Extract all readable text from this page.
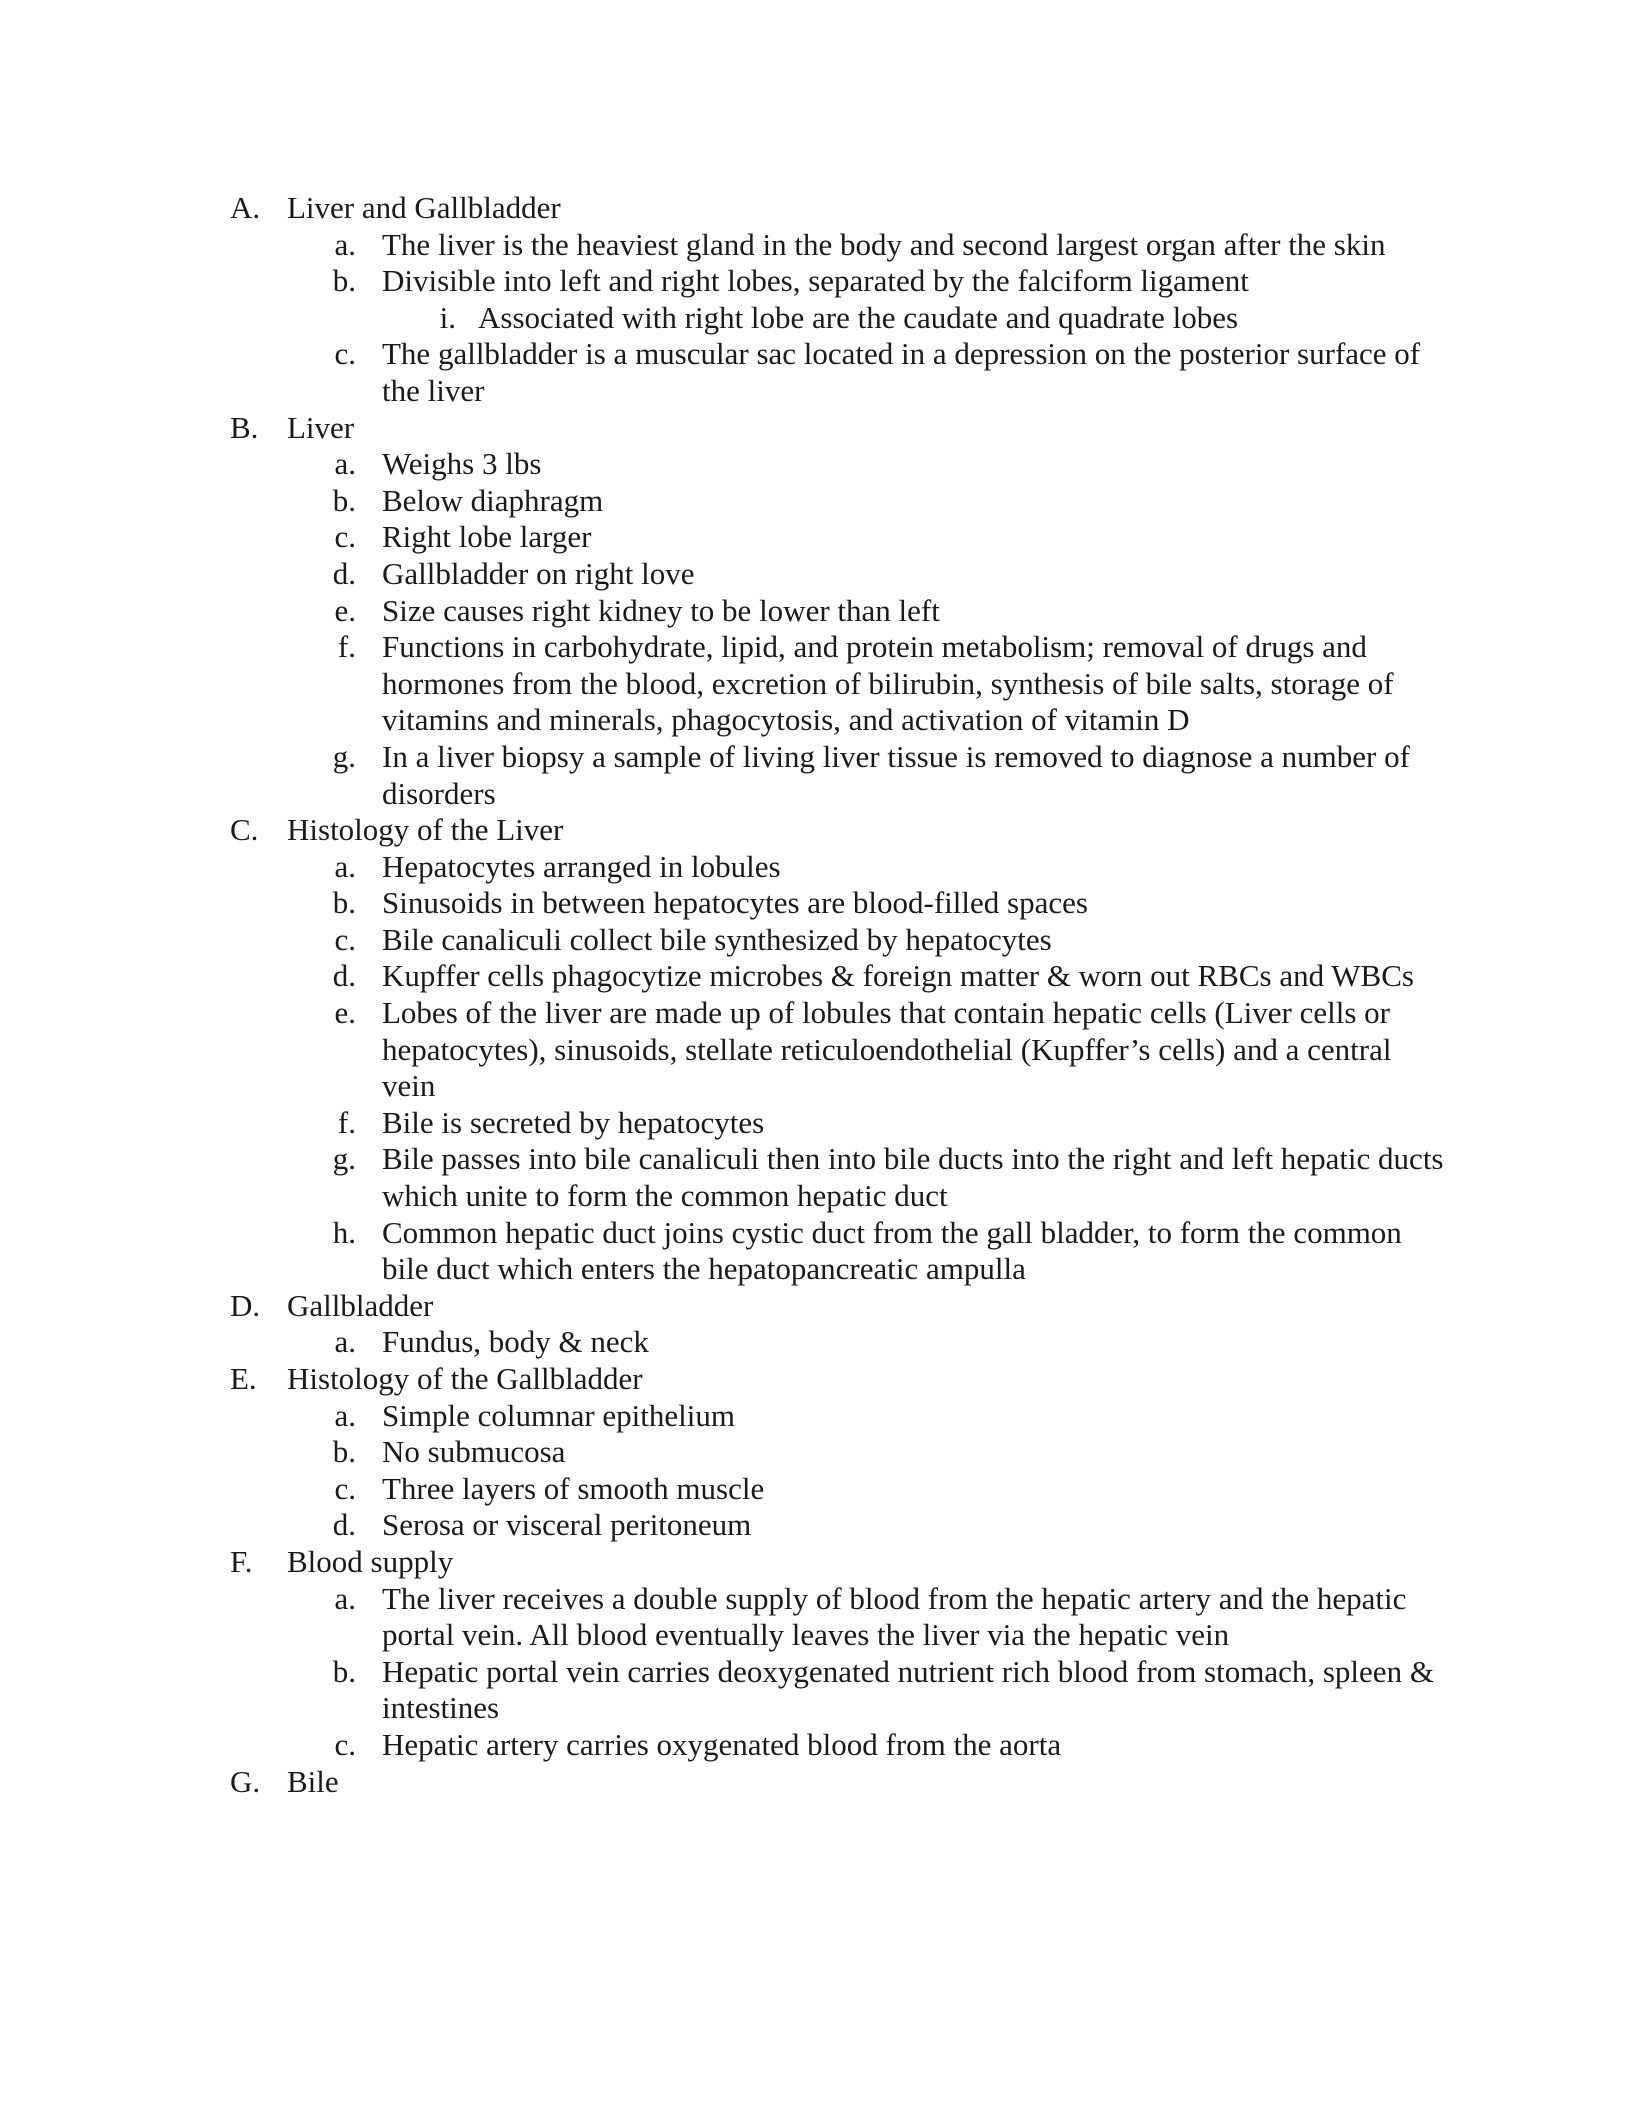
A. Liver and Gallbladder
a. The liver is the heaviest gland in the body and second largest organ after the skin
b. Divisible into left and right lobes, separated by the falciform ligament
i. Associated with right lobe are the caudate and quadrate lobes
c. The gallbladder is a muscular sac located in a depression on the posterior surface of the liver
B. Liver
a. Weighs 3 lbs
b. Below diaphragm
c. Right lobe larger
d. Gallbladder on right love
e. Size causes right kidney to be lower than left
f. Functions in carbohydrate, lipid, and protein metabolism; removal of drugs and hormones from the blood, excretion of bilirubin, synthesis of bile salts, storage of vitamins and minerals, phagocytosis, and activation of vitamin D
g. In a liver biopsy a sample of living liver tissue is removed to diagnose a number of disorders
C. Histology of the Liver
a. Hepatocytes arranged in lobules
b. Sinusoids in between hepatocytes are blood-filled spaces
c. Bile canaliculi collect bile synthesized by hepatocytes
d. Kupffer cells phagocytize microbes & foreign matter & worn out RBCs and WBCs
e. Lobes of the liver are made up of lobules that contain hepatic cells (Liver cells or hepatocytes), sinusoids, stellate reticuloendothelial (Kupffer’s cells) and a central vein
f. Bile is secreted by hepatocytes
g. Bile passes into bile canaliculi then into bile ducts into the right and left hepatic ducts which unite to form the common hepatic duct
h. Common hepatic duct joins cystic duct from the gall bladder, to form the common bile duct which enters the hepatopancreatic ampulla
D. Gallbladder
a. Fundus, body & neck
E. Histology of the Gallbladder
a. Simple columnar epithelium
b. No submucosa
c. Three layers of smooth muscle
d. Serosa or visceral peritoneum
F.	Blood supply
a. The liver receives a double supply of blood from the hepatic artery and the hepatic portal vein. All blood eventually leaves the liver via the hepatic vein
b. Hepatic portal vein carries deoxygenated nutrient rich blood from stomach, spleen & intestines
c. Hepatic artery carries oxygenated blood from the aorta
G. Bile
